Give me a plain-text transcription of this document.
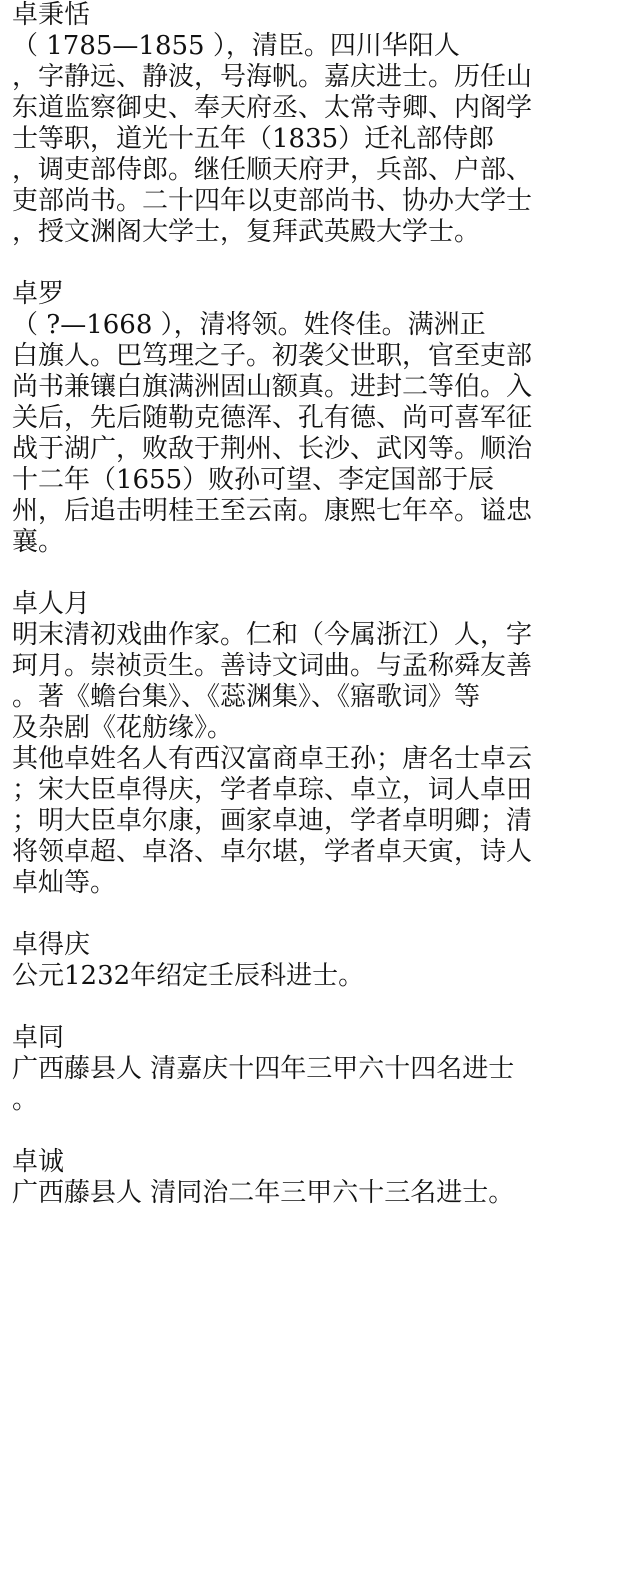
卓秉恬
（ 1785—1855 ），清臣。四川华阳人
，字静远、静波，号海帆。嘉庆进士。历任山
东道监察御史、奉天府丞、太常寺卿、内阁学
士等职，道光十五年（1835）迁礼部侍郎
，调吏部侍郎。继任顺天府尹，兵部、户部、
吏部尚书。二十四年以吏部尚书、协办大学士
，授文渊阁大学士，复拜武英殿大学士。
卓罗
（ ?—1668 ），清将领。姓佟佳。满洲正
白旗人。巴笃理之子。初袭父世职，官至吏部
尚书兼镶白旗满洲固山额真。进封二等伯。入
关后，先后随勒克德浑、孔有德、尚可喜军征
战于湖广，败敌于荆州、长沙、武冈等。顺治
十二年（1655）败孙可望、李定国部于辰
州，后追击明桂王至云南。康熙七年卒。谥忠
襄。
卓人月
明末清初戏曲作家。仁和（今属浙江）人，字
珂月。崇祯贡生。善诗文词曲。与孟称舜友善
。著《蟾台集》、《蕊渊集》、《寤歌词》等
及杂剧《花舫缘》。
其他卓姓名人有西汉富商卓王孙；唐名士卓云
；宋大臣卓得庆，学者卓琮、卓立，词人卓田
；明大臣卓尔康，画家卓迪，学者卓明卿；清
将领卓超、卓洛、卓尔堪，学者卓天寅，诗人
卓灿等。
卓得庆
公元1232年绍定壬辰科进士。
卓同
广西藤县人 清嘉庆十四年三甲六十四名进士
。
卓诚
广西藤县人 清同治二年三甲六十三名进士。
